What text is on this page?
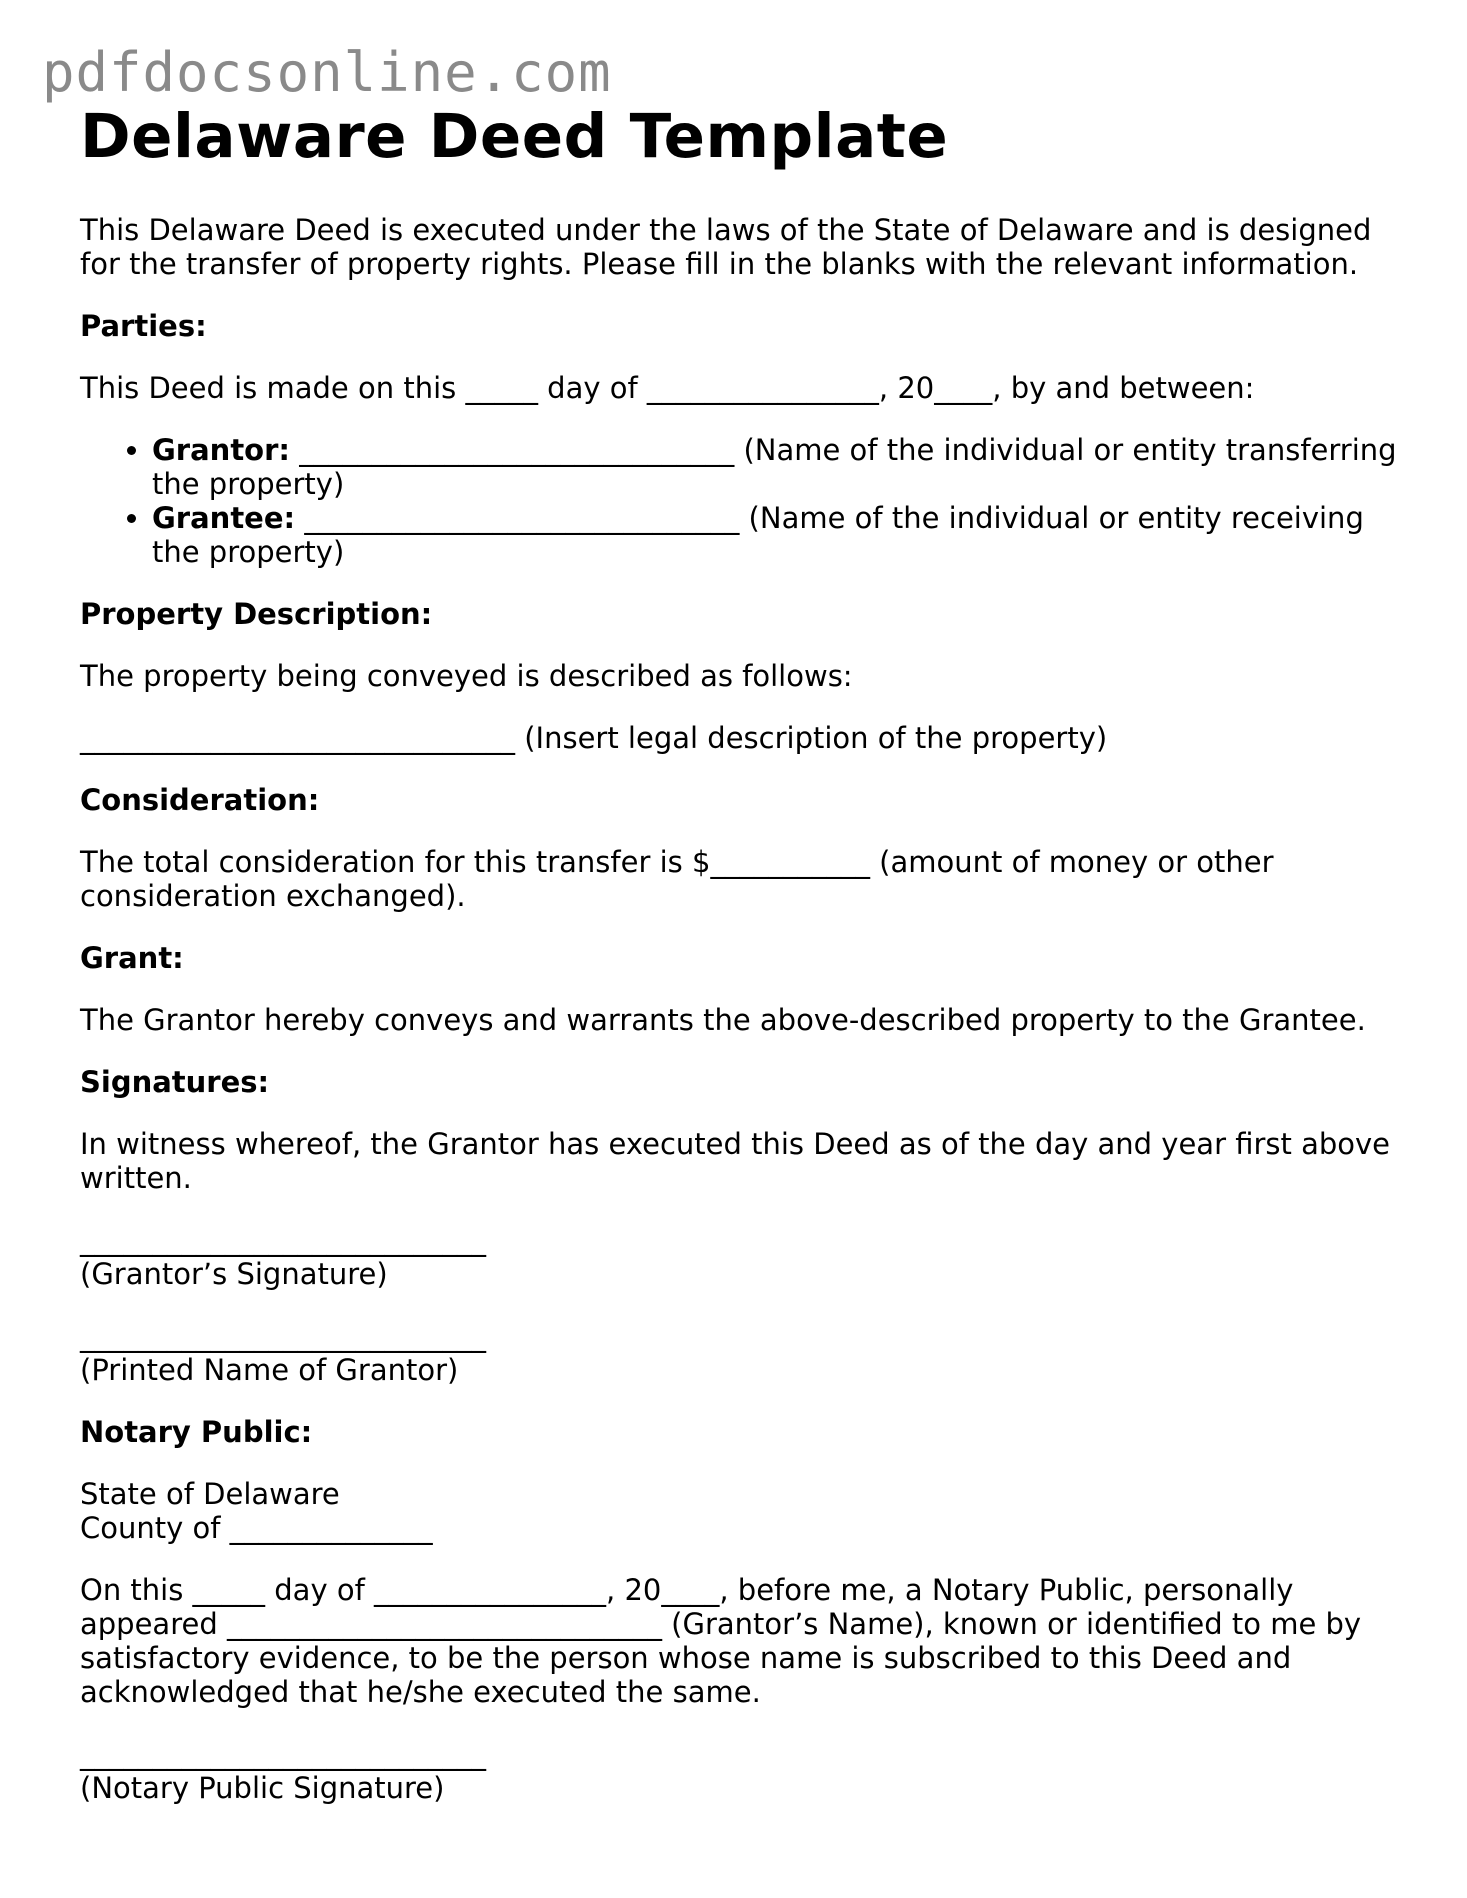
pdfdocsonline.com
Delaware Deed Template

This Delaware Deed is executed under the laws of the State of Delaware and is designed for the transfer of property rights. Please fill in the blanks with the relevant information.

Parties:

This Deed is made on this _____ day of ________________, 20____, by and between:

• Grantor: ______________________________ (Name of the individual or entity transferring the property)
• Grantee: ______________________________ (Name of the individual or entity receiving the property)

Property Description:

The property being conveyed is described as follows:

______________________________ (Insert legal description of the property)

Consideration:

The total consideration for this transfer is $___________ (amount of money or other consideration exchanged).

Grant:

The Grantor hereby conveys and warrants the above-described property to the Grantee.

Signatures:

In witness whereof, the Grantor has executed this Deed as of the day and year first above written.

____________________________
(Grantor’s Signature)
____________________________
(Printed Name of Grantor)

Notary Public:

State of Delaware
County of ______________

On this _____ day of ________________, 20____, before me, a Notary Public, personally appeared ______________________________ (Grantor’s Name), known or identified to me by satisfactory evidence, to be the person whose name is subscribed to this Deed and acknowledged that he/she executed the same.

____________________________
(Notary Public Signature)
